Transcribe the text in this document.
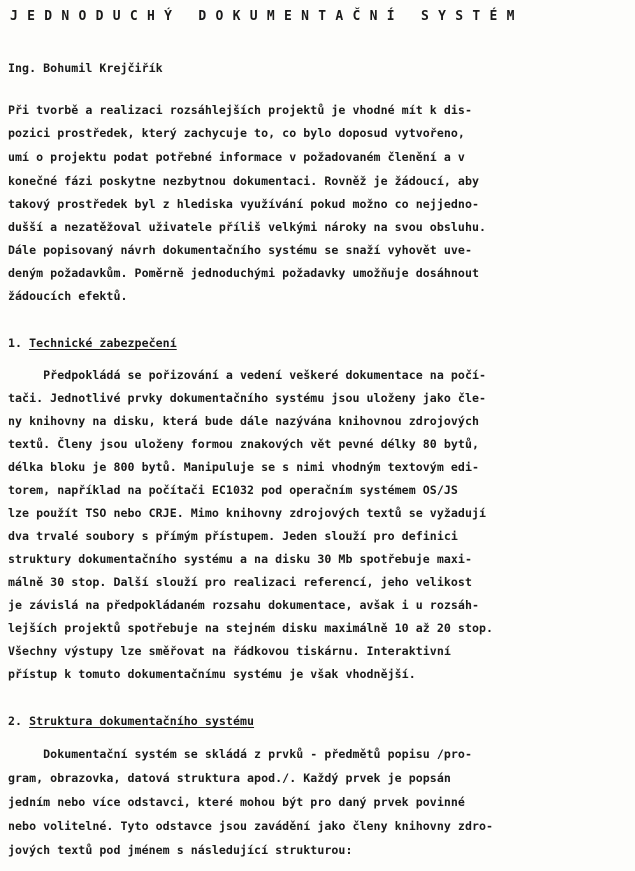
JEDNODUCHÝ DOKUMENTAČNÍ SYSTÉM
Ing. Bohumil Krejčiřík
Při tvorbě a realizaci rozsáhlejších projektů je vhodné mít k dis-
pozici prostředek, který zachycuje to, co bylo doposud vytvořeno,
umí o projektu podat potřebné informace v požadovaném členění a v
konečné fázi poskytne nezbytnou dokumentaci. Rovněž je žádoucí, aby
takový prostředek byl z hlediska využívání pokud možno co nejjedno-
dušší a nezatěžoval uživatele příliš velkými nároky na svou obsluhu.
Dále popisovaný návrh dokumentačního systému se snaží vyhovět uve-
deným požadavkům. Poměrně jednoduchými požadavky umožňuje dosáhnout
žádoucích efektů.
1. Technické zabezpečení
Předpokládá se pořizování a vedení veškeré dokumentace na počí-
tači. Jednotlivé prvky dokumentačního systému jsou uloženy jako čle-
ny knihovny na disku, která bude dále nazývána knihovnou zdrojových
textů. Členy jsou uloženy formou znakových vět pevné délky 80 bytů,
délka bloku je 800 bytů. Manipuluje se s nimi vhodným textovým edi-
torem, například na počítači EC1032 pod operačním systémem OS/JS
lze použít TSO nebo CRJE. Mimo knihovny zdrojových textů se vyžadují
dva trvalé soubory s přímým přístupem. Jeden slouží pro definici
struktury dokumentačního systému a na disku 30 Mb spotřebuje maxi-
málně 30 stop. Další slouží pro realizaci referencí, jeho velikost
je závislá na předpokládaném rozsahu dokumentace, avšak i u rozsáh-
lejších projektů spotřebuje na stejném disku maximálně 10 až 20 stop.
Všechny výstupy lze směřovat na řádkovou tiskárnu. Interaktivní
přístup k tomuto dokumentačnímu systému je však vhodnější.
2. Struktura dokumentačního systému
Dokumentační systém se skládá z prvků - předmětů popisu /pro-
gram, obrazovka, datová struktura apod./. Každý prvek je popsán
jedním nebo více odstavci, které mohou být pro daný prvek povinné
nebo volitelné. Tyto odstavce jsou zavádění jako členy knihovny zdro-
jových textů pod jménem s následující strukturou:
